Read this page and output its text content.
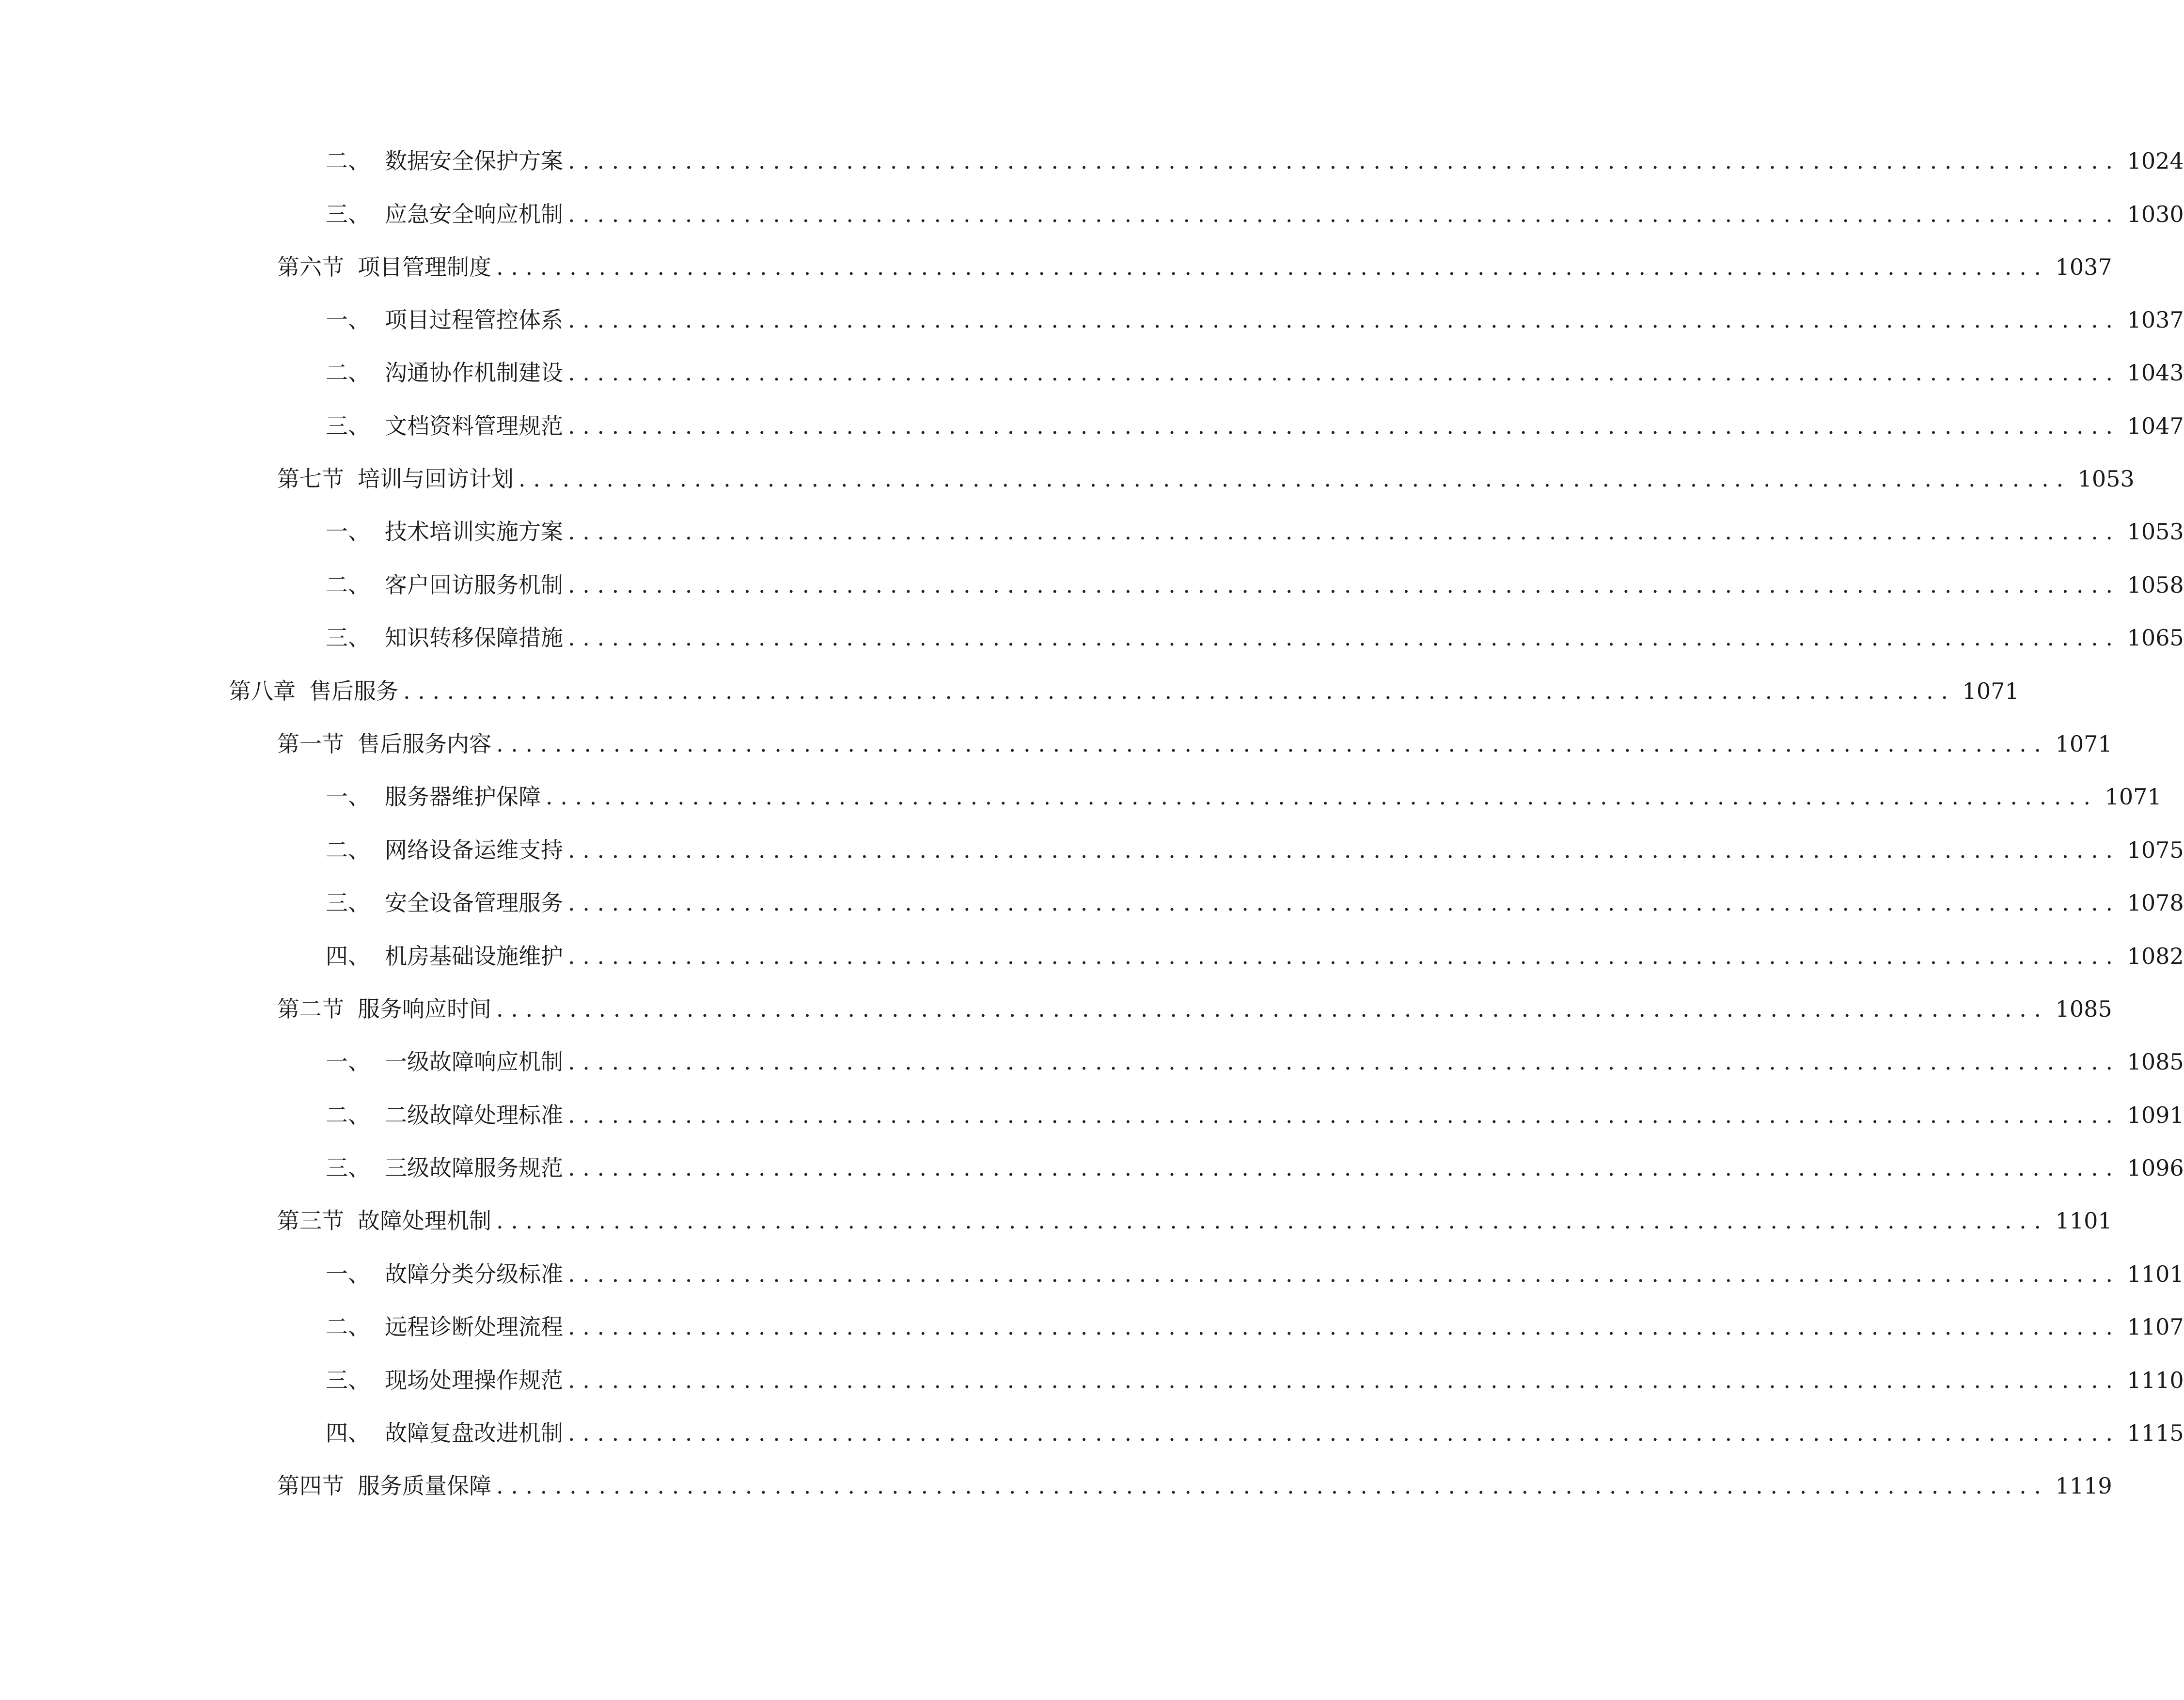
二、 数据安全保护方案 .......................................................................................................... 1024
三、 应急安全响应机制 .......................................................................................................... 1030
第六节 项目管理制度 .......................................................................................................... 1037
一、 项目过程管控体系 .......................................................................................................... 1037
二、 沟通协作机制建设 .......................................................................................................... 1043
三、 文档资料管理规范 .......................................................................................................... 1047
第七节 培训与回访计划 .......................................................................................................... 1053
一、 技术培训实施方案 .......................................................................................................... 1053
二、 客户回访服务机制 .......................................................................................................... 1058
三、 知识转移保障措施 .......................................................................................................... 1065
第八章 售后服务 .......................................................................................................... 1071
第一节 售后服务内容 .......................................................................................................... 1071
一、 服务器维护保障 .......................................................................................................... 1071
二、 网络设备运维支持 .......................................................................................................... 1075
三、 安全设备管理服务 .......................................................................................................... 1078
四、 机房基础设施维护 .......................................................................................................... 1082
第二节 服务响应时间 .......................................................................................................... 1085
一、 一级故障响应机制 .......................................................................................................... 1085
二、 二级故障处理标准 .......................................................................................................... 1091
三、 三级故障服务规范 .......................................................................................................... 1096
第三节 故障处理机制 .......................................................................................................... 1101
一、 故障分类分级标准 .......................................................................................................... 1101
二、 远程诊断处理流程 .......................................................................................................... 1107
三、 现场处理操作规范 .......................................................................................................... 1110
四、 故障复盘改进机制 .......................................................................................................... 1115
第四节 服务质量保障 .......................................................................................................... 1119
